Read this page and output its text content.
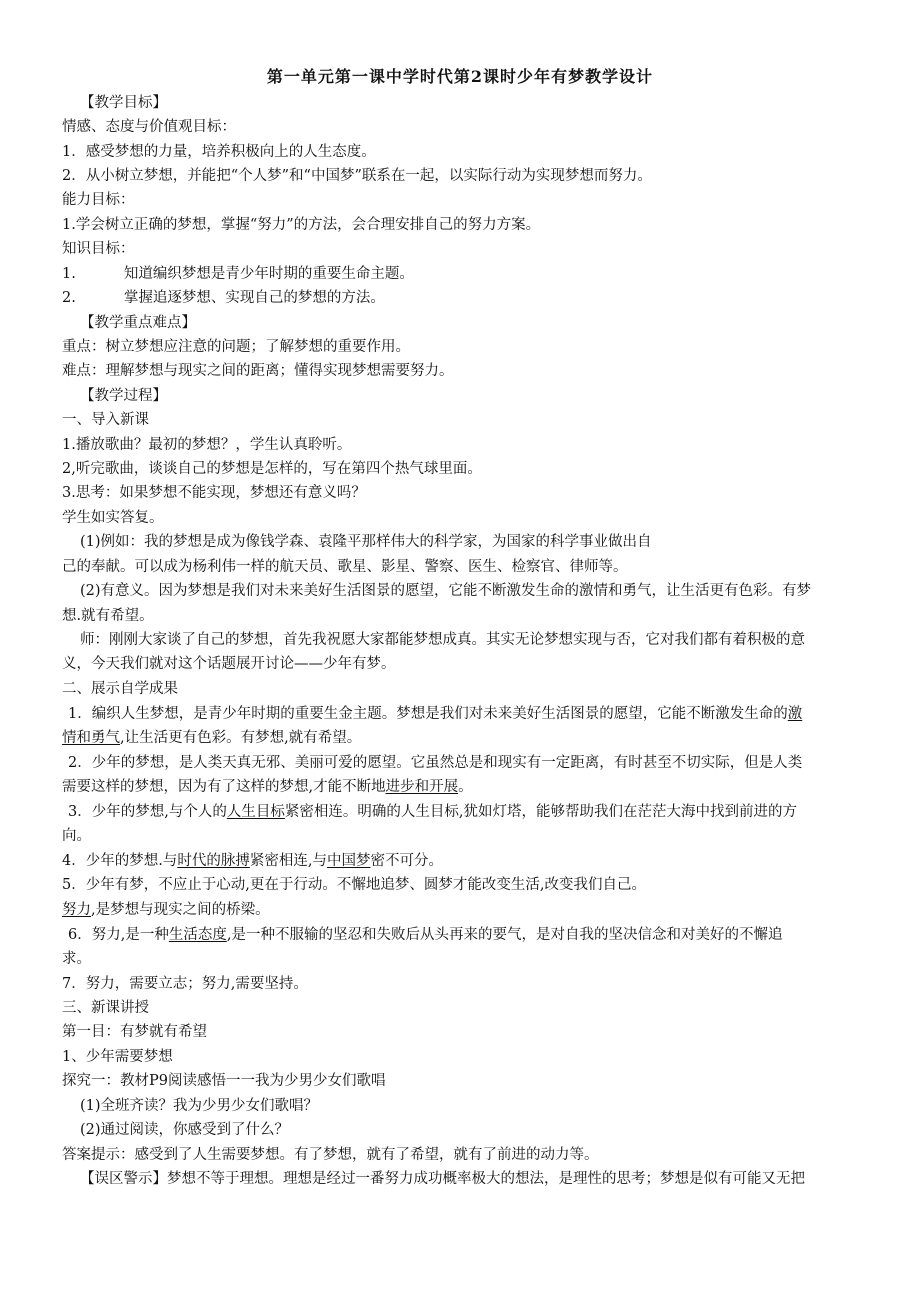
第一单元第一课中学时代第2课时少年有梦教学设计
【教学目标】
情感、态度与价值观目标：
1．感受梦想的力量，培养积极向上的人生态度。
2．从小树立梦想，并能把“个人梦”和“中国梦”联系在一起，以实际行动为实现梦想而努力。
能力目标：
1.学会树立正确的梦想，掌握“努力”的方法，会合理安排自己的努力方案。
知识目标：
1.	知道编织梦想是青少年时期的重要生命主题。
2.	掌握追逐梦想、实现自己的梦想的方法。
【教学重点难点】
重点：树立梦想应注意的问题；了解梦想的重要作用。
难点：理解梦想与现实之间的距离；懂得实现梦想需要努力。
【教学过程】
一、导入新课
1.播放歌曲？最初的梦想？，学生认真聆听。
2,听完歌曲，谈谈自己的梦想是怎样的，写在第四个热气球里面。
3.思考：如果梦想不能实现，梦想还有意义吗？
学生如实答复。
(1)例如：我的梦想是成为像钱学森、袁隆平那样伟大的科学家，为国家的科学事业做出自
己的奉献。可以成为杨利伟一样的航天员、歌星、影星、警察、医生、检察官、律师等。
(2)有意义。因为梦想是我们对未来美好生活图景的愿望，它能不断激发生命的激情和勇气，让生活更有色彩。有梦
想.就有希望。
师：刚刚大家谈了自己的梦想，首先我祝愿大家都能梦想成真。其实无论梦想实现与否，它对我们都有着积极的意
义，今天我们就对这个话题展开讨论——少年有梦。
二、展示自学成果
1．编织人生梦想，是青少年时期的重要生金主题。梦想是我们对未来美好生活图景的愿望，它能不断激发生命的激
情和勇气,让生活更有色彩。有梦想,就有希望。
2．少年的梦想，是人类天真无邪、美丽可爱的愿望。它虽然总是和现实有一定距离，有时甚至不切实际，但是人类
需要这样的梦想，因为有了这样的梦想,才能不断地进步和开展。
3．少年的梦想,与个人的人生目标紧密相连。明确的人生目标,犹如灯塔，能够帮助我们在茫茫大海中找到前进的方
向。
4．少年的梦想.与时代的脉搏紧密相连,与中国梦密不可分。
5．少年有梦，不应止于心动,更在于行动。不懈地追梦、圆梦才能改变生活,改变我们自己。
努力,是梦想与现实之间的桥梁。
6．努力,是一种生活态度,是一种不服输的坚忍和失败后从头再来的要气，是对自我的坚决信念和对美好的不懈追
求。
7．努力，需要立志；努力,需要坚持。
三、新课讲授
第一目：有梦就有希望
1、少年需要梦想
探究一：教材P9阅读感悟一一我为少男少女们歌唱
(1)全班齐读？我为少男少女们歌唱？
(2)通过阅读，你感受到了什么？
答案提示：感受到了人生需要梦想。有了梦想，就有了希望，就有了前进的动力等。
【误区警示】梦想不等于理想。理想是经过一番努力成功概率极大的想法，是理性的思考；梦想是似有可能又无把
